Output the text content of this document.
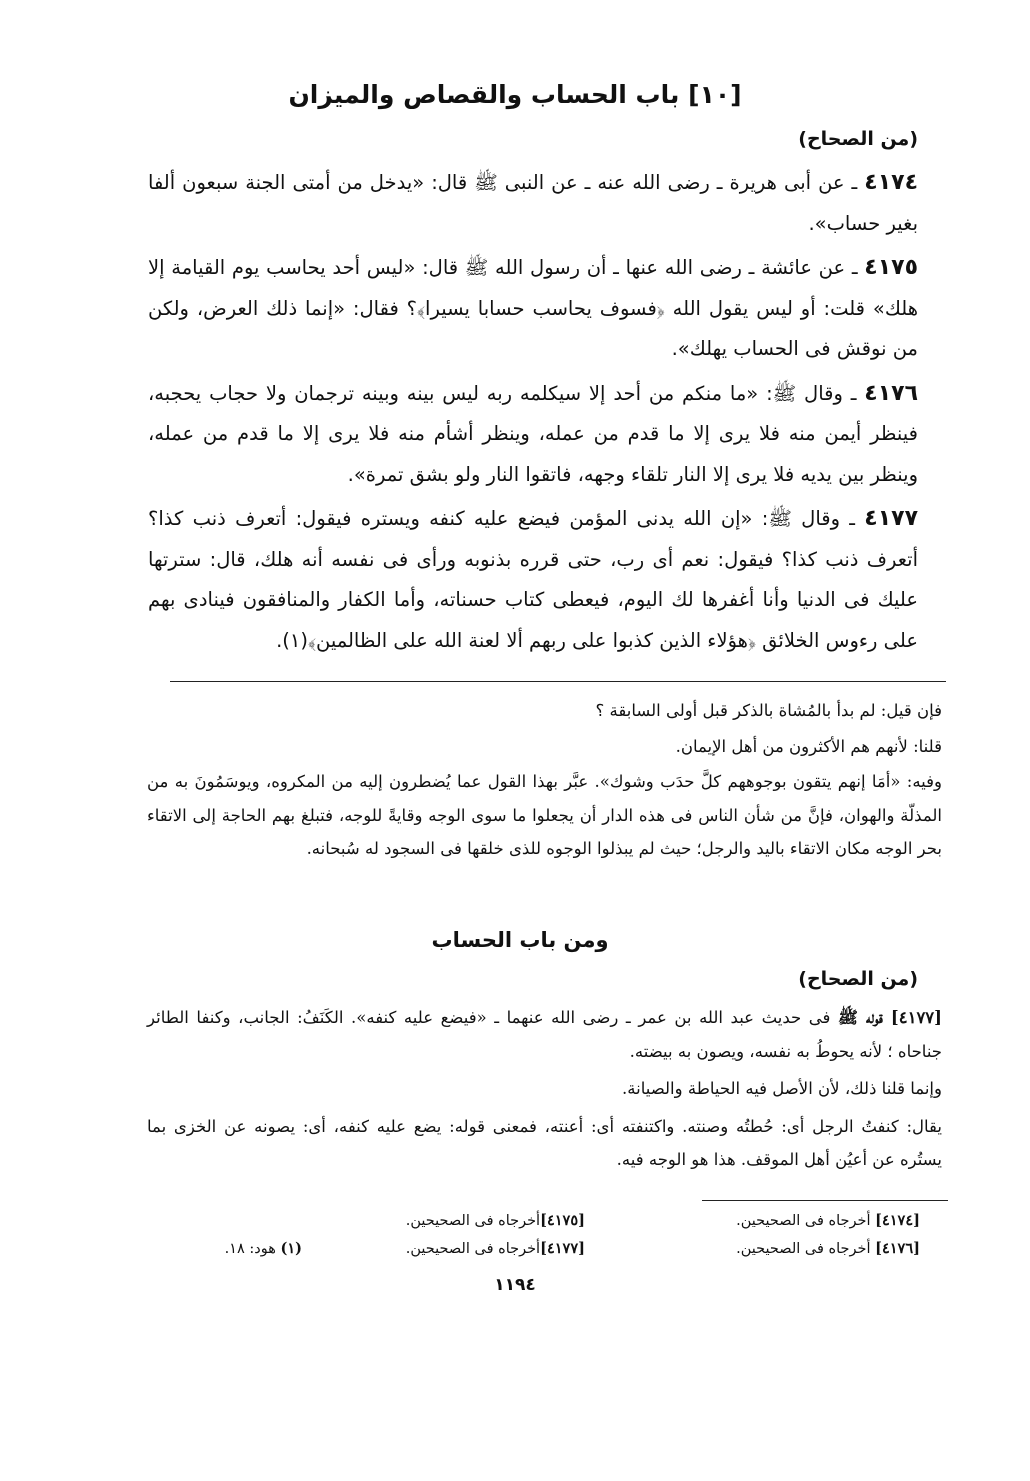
[١٠] باب الحساب والقصاص والميزان
(من الصحاح)

٤١٧٤ ـ عن أبى هريرة ـ رضى الله عنه ـ عن النبى ﷺ قال: «يدخل من أمتى الجنة سبعون ألفا بغير حساب».

٤١٧٥ ـ عن عائشة ـ رضى الله عنها ـ أن رسول الله ﷺ قال: «ليس أحد يحاسب يوم القيامة إلا هلك» قلت: أو ليس يقول الله ﴿فسوف يحاسب حسابا يسيرا﴾؟ فقال: «إنما ذلك العرض، ولكن من نوقش فى الحساب يهلك».

٤١٧٦ ـ وقال ﷺ: «ما منكم من أحد إلا سيكلمه ربه ليس بينه وبينه ترجمان ولا حجاب يحجبه، فينظر أيمن منه فلا يرى إلا ما قدم من عمله، وينظر أشأم منه فلا يرى إلا ما قدم من عمله، وينظر بين يديه فلا يرى إلا النار تلقاء وجهه، فاتقوا النار ولو بشق تمرة».

٤١٧٧ ـ وقال ﷺ: «إن الله يدنى المؤمن فيضع عليه كنفه ويستره فيقول: أتعرف ذنب كذا؟ أتعرف ذنب كذا؟ فيقول: نعم أى رب، حتى قرره بذنوبه ورأى فى نفسه أنه هلك، قال: سترتها عليك فى الدنيا وأنا أغفرها لك اليوم، فيعطى كتاب حسناته، وأما الكفار والمنافقون فينادى بهم على رءوس الخلائق ﴿هؤلاء الذين كذبوا على ربهم ألا لعنة الله على الظالمين﴾(١).

فإن قيل: لم بدأ بالمُشاة بالذكر قبل أولى السابقة ؟

قلنا: لأنهم هم الأكثرون من أهل الإيمان.

وفيه: «أمَا إنهم يتقون بوجوههم كلَّ حدَب وشوك». عبَّر بهذا القول عما يُضطرون إليه من المكروه، ويوسَمُونَ به من المذلّة والهوان، فإنَّ من شأن الناس فى هذه الدار أن يجعلوا ما سوى الوجه وقايةً للوجه، فتبلغ بهم الحاجة إلى الاتقاء بحر الوجه مكان الاتقاء باليد والرجل؛ حيث لم يبذلوا الوجوه للذى خلقها فى السجود له سُبحانه.

ومن باب الحساب
(من الصحاح)

[٤١٧٧] قوله ﷺ فى حديث عبد الله بن عمر ـ رضى الله عنهما ـ «فيضع عليه كنفه». الكَنَفُ: الجانب، وكنفا الطائر جناحاه ؛ لأنه يحوطُ به نفسه، ويصون به بيضته.

وإنما قلنا ذلك، لأن الأصل فيه الحياطة والصيانة.

يقال: كنفتُ الرجل أى: حُطتُه وصنته. واكتنفته أى: أعنته، فمعنى قوله: يضع عليه كنفه، أى: يصونه عن الخزى بما يستُره عن أعيُن أهل الموقف. هذا هو الوجه فيه.

[٤١٧٤] أخرجاه فى الصحيحين.
[٤١٧٥]أخرجاه فى الصحيحين.
[٤١٧٦] أخرجاه فى الصحيحين.
[٤١٧٧]أخرجاه فى الصحيحين.
(١) هود: ١٨.
١١٩٤
